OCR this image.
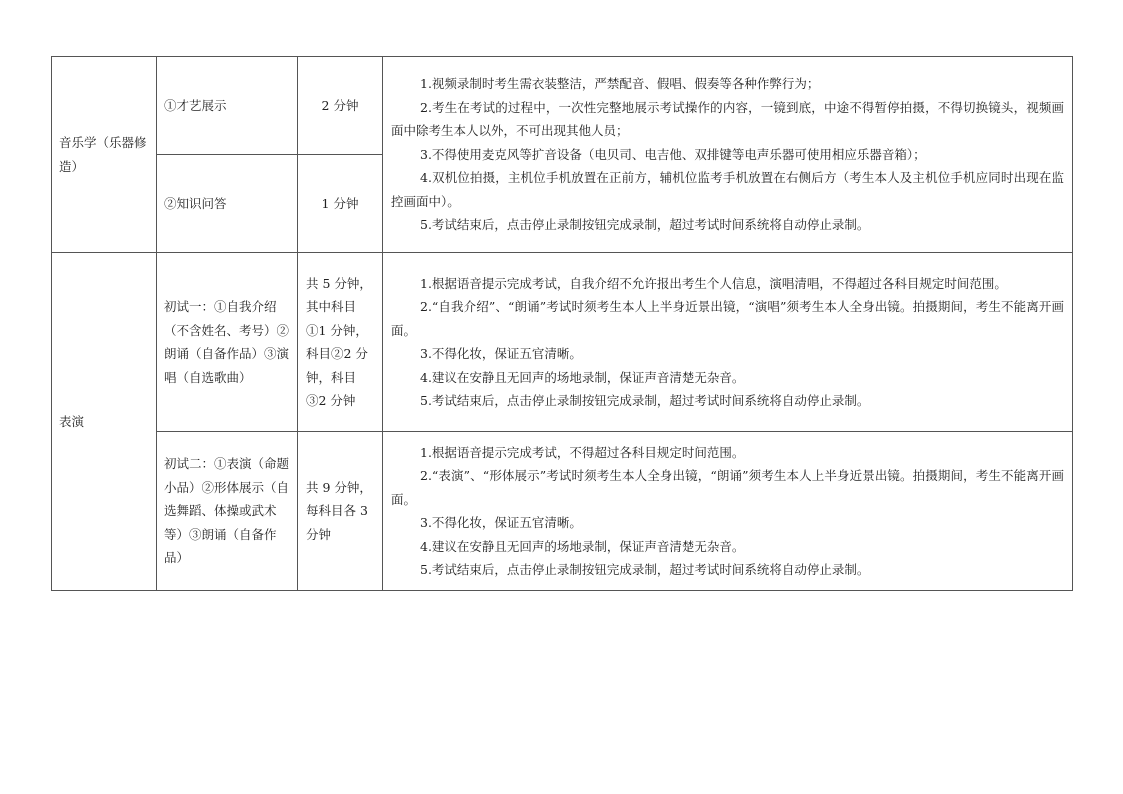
音乐学（乐器修造）	①才艺展示	2 分钟	1.视频录制时考生需衣装整洁，严禁配音、假唱、假奏等各种作弊行为；

2.考生在考试的过程中，一次性完整地展示考试操作的内容，一镜到底，中途不得暂停拍摄，不得切换镜头，视频画面中除考生本人以外，不可出现其他人员；

3.不得使用麦克风等扩音设备（电贝司、电吉他、双排键等电声乐器可使用相应乐器音箱）；

4.双机位拍摄，主机位手机放置在正前方，辅机位监考手机放置在右侧后方（考生本人及主机位手机应同时出现在监控画面中）。

5.考试结束后，点击停止录制按钮完成录制，超过考试时间系统将自动停止录制。

	②知识问答	1 分钟	

表演	初试一：①自我介绍（不含姓名、考号）②朗诵（自备作品）③演唱（自选歌曲）	共 5 分钟，其中科目①1 分钟，科目②2 分钟，科目③2 分钟	1.根据语音提示完成考试，自我介绍不允许报出考生个人信息，演唱清唱，不得超过各科目规定时间范围。

2.“自我介绍”、“朗诵”考试时须考生本人上半身近景出镜，“演唱”须考生本人全身出镜。拍摄期间，考生不能离开画面。

3.不得化妆，保证五官清晰。

4.建议在安静且无回声的场地录制，保证声音清楚无杂音。

5.考试结束后，点击停止录制按钮完成录制，超过考试时间系统将自动停止录制。

	初试二：①表演（命题小品）②形体展示（自选舞蹈、体操或武术等）③朗诵（自备作品）	共 9 分钟，每科目各 3 分钟	1.根据语音提示完成考试，不得超过各科目规定时间范围。

2.“表演”、“形体展示”考试时须考生本人全身出镜，“朗诵”须考生本人上半身近景出镜。拍摄期间，考生不能离开画面。

3.不得化妆，保证五官清晰。

4.建议在安静且无回声的场地录制，保证声音清楚无杂音。

5.考试结束后，点击停止录制按钮完成录制，超过考试时间系统将自动停止录制。
